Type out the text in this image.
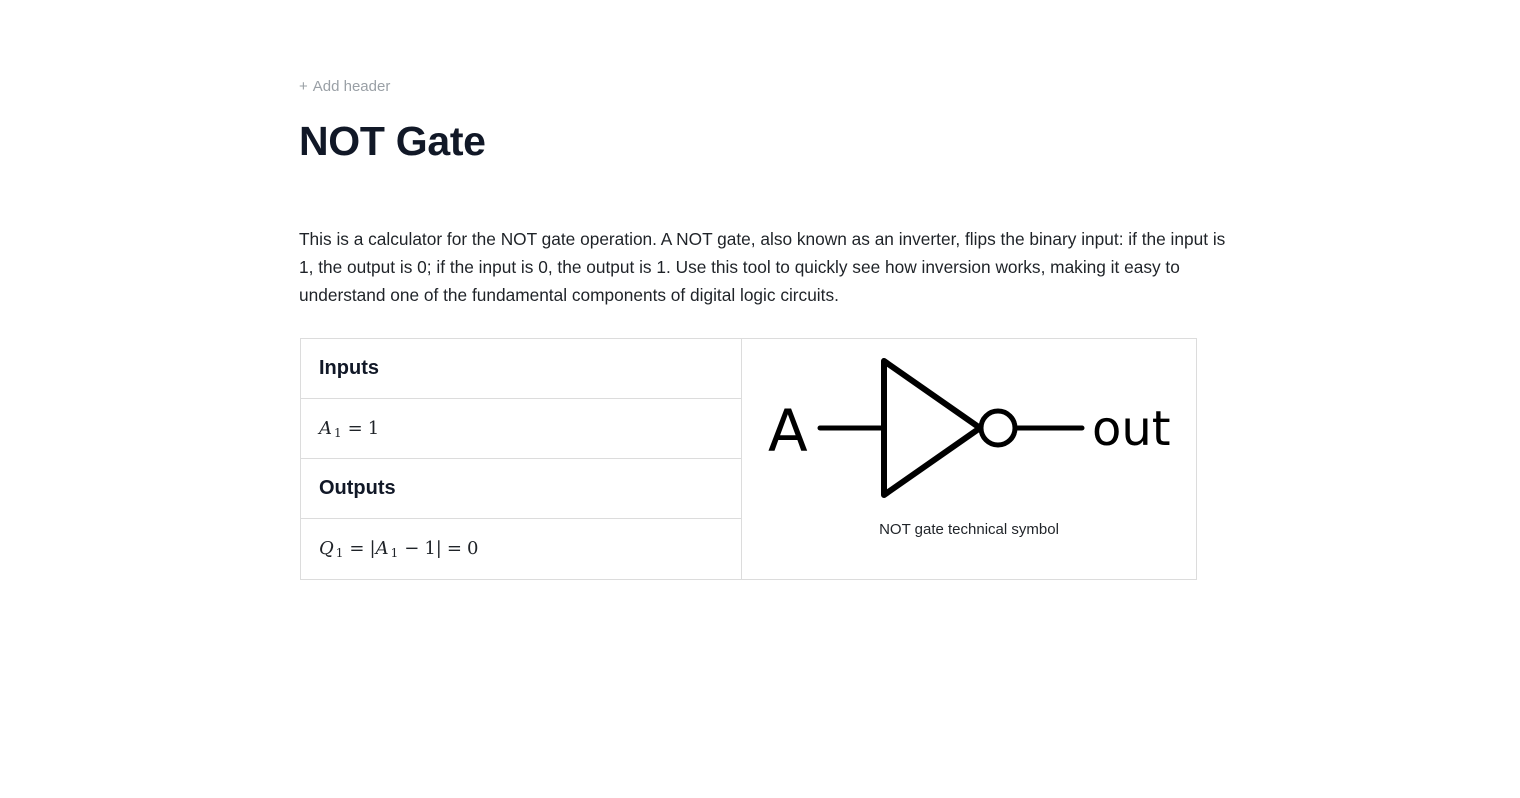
+ Add header
NOT Gate

This is a calculator for the NOT gate operation. A NOT gate, also known as an inverter, flips the binary input: if the input is 1, the output is 0; if the input is 0, the output is 1. Use this tool to quickly see how inversion works, making it easy to understand one of the fundamental components of digital logic circuits.

Inputs
A $_1$ = 1
Outputs
Q $_1$ = |A $_1$ − 1| = 0
A	out
NOT gate technical symbol
